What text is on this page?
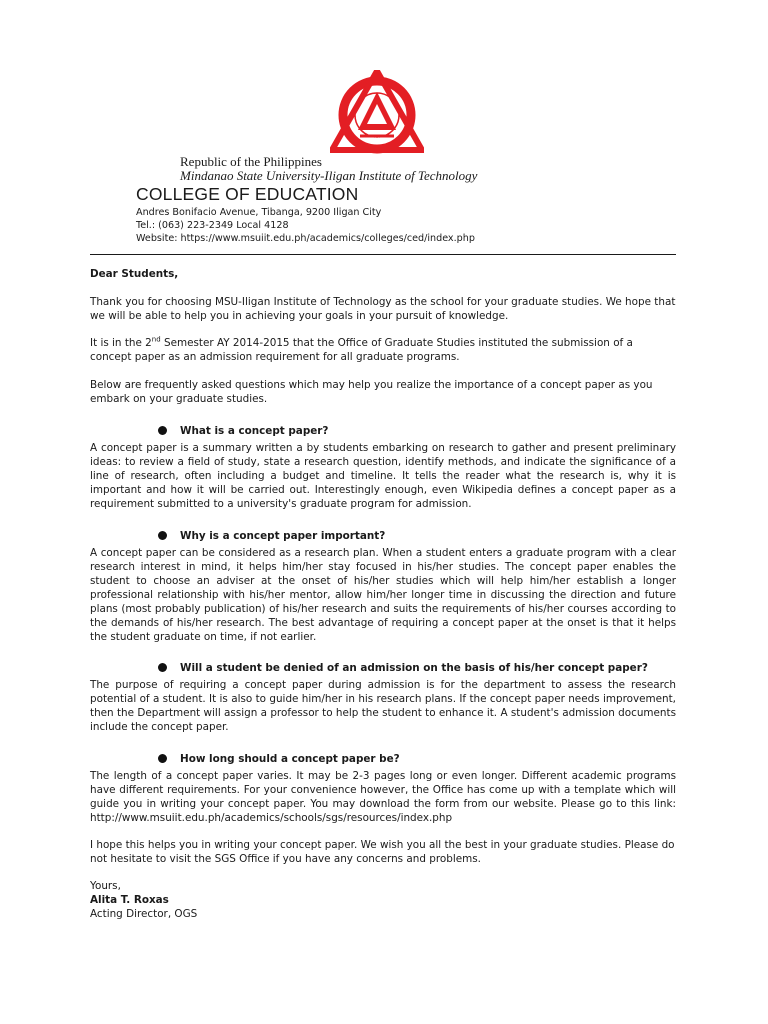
1968
Republic of the Philippines
Mindanao State University-Iligan Institute of Technology
COLLEGE OF EDUCATION
Andres Bonifacio Avenue, Tibanga, 9200 Iligan City
Tel.: (063) 223-2349 Local 4128
Website: https://www.msuiit.edu.ph/academics/colleges/ced/index.php

Dear Students,

Thank you for choosing MSU-Iligan Institute of Technology as the school for your graduate studies. We hope that we will be able to help you in achieving your goals in your pursuit of knowledge.

It is in the 2nd Semester AY 2014-2015 that the Office of Graduate Studies instituted the submission of a concept paper as an admission requirement for all graduate programs.

Below are frequently asked questions which may help you realize the importance of a concept paper as you embark on your graduate studies.

What is a concept paper?

A concept paper is a summary written a by students embarking on research to gather and present preliminary ideas: to review a field of study, state a research question, identify methods, and indicate the significance of a line of research, often including a budget and timeline. It tells the reader what the research is, why it is important and how it will be carried out. Interestingly enough, even Wikipedia defines a concept paper as a requirement submitted to a university's graduate program for admission.

Why is a concept paper important?

A concept paper can be considered as a research plan. When a student enters a graduate program with a clear research interest in mind, it helps him/her stay focused in his/her studies. The concept paper enables the student to choose an adviser at the onset of his/her studies which will help him/her establish a longer professional relationship with his/her mentor, allow him/her longer time in discussing the direction and future plans (most probably publication) of his/her research and suits the requirements of his/her courses according to the demands of his/her research. The best advantage of requiring a concept paper at the onset is that it helps the student graduate on time, if not earlier.

Will a student be denied of an admission on the basis of his/her concept paper?

The purpose of requiring a concept paper during admission is for the department to assess the research potential of a student. It is also to guide him/her in his research plans. If the concept paper needs improvement, then the Department will assign a professor to help the student to enhance it. A student's admission documents include the concept paper.

How long should a concept paper be?

The length of a concept paper varies. It may be 2-3 pages long or even longer. Different academic programs have different requirements. For your convenience however, the Office has come up with a template which will guide you in writing your concept paper. You may download the form from our website. Please go to this link: http://www.msuiit.edu.ph/academics/schools/sgs/resources/index.php

I hope this helps you in writing your concept paper. We wish you all the best in your graduate studies. Please do not hesitate to visit the SGS Office if you have any concerns and problems.

Yours,

Alita T. Roxas

Acting Director, OGS
